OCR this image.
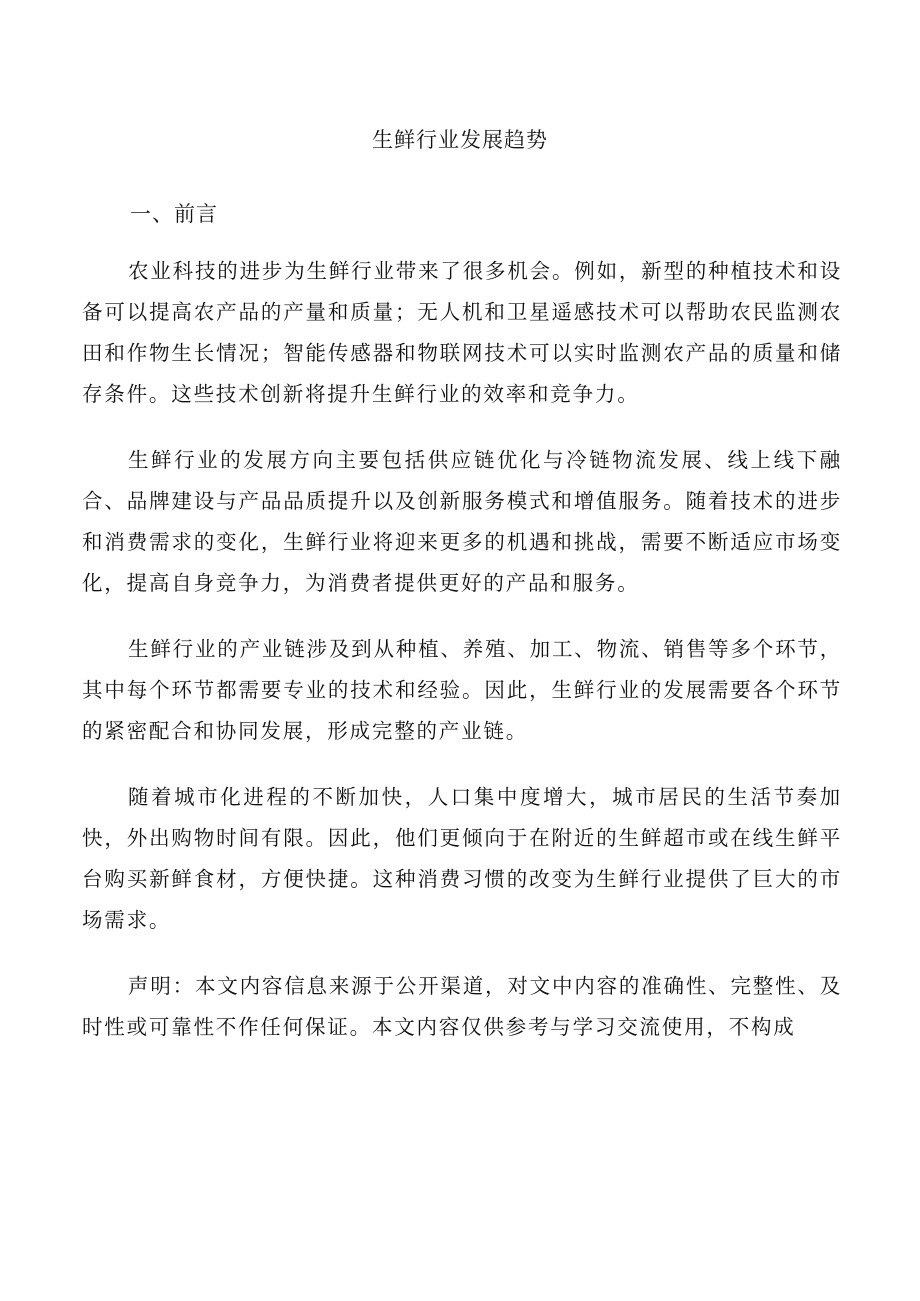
生鲜行业发展趋势
一、前言

农业科技的进步为生鲜行业带来了很多机会。例如，新型的种植技术和设备可以提高农产品的产量和质量；无人机和卫星遥感技术可以帮助农民监测农田和作物生长情况；智能传感器和物联网技术可以实时监测农产品的质量和储存条件。这些技术创新将提升生鲜行业的效率和竞争力。

生鲜行业的发展方向主要包括供应链优化与冷链物流发展、线上线下融合、品牌建设与产品品质提升以及创新服务模式和增值服务。随着技术的进步和消费需求的变化，生鲜行业将迎来更多的机遇和挑战，需要不断适应市场变化，提高自身竞争力，为消费者提供更好的产品和服务。

生鲜行业的产业链涉及到从种植、养殖、加工、物流、销售等多个环节，其中每个环节都需要专业的技术和经验。因此，生鲜行业的发展需要各个环节的紧密配合和协同发展，形成完整的产业链。

随着城市化进程的不断加快，人口集中度增大，城市居民的生活节奏加快，外出购物时间有限。因此，他们更倾向于在附近的生鲜超市或在线生鲜平台购买新鲜食材，方便快捷。这种消费习惯的改变为生鲜行业提供了巨大的市场需求。

声明：本文内容信息来源于公开渠道，对文中内容的准确性、完整性、及时性或可靠性不作任何保证。本文内容仅供参考与学习交流使用，不构成
